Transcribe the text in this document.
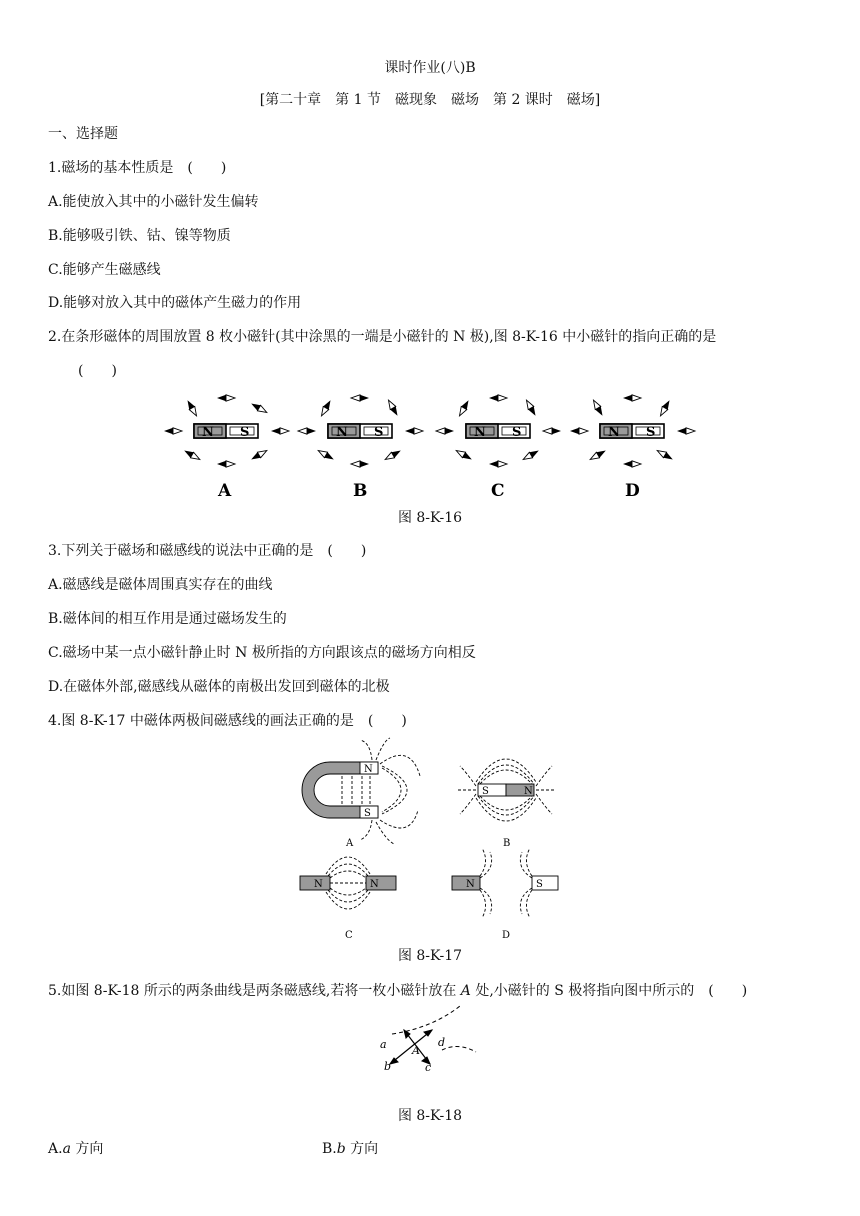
课时作业(八)B
[第二十章　第 1 节　磁现象　磁场　第 2 课时　磁场]
一、选择题
1.磁场的基本性质是　(　　)
A.能使放入其中的小磁针发生偏转
B.能够吸引铁、钴、镍等物质
C.能够产生磁感线
D.能够对放入其中的磁体产生磁力的作用
2.在条形磁体的周围放置 8 枚小磁针(其中涂黑的一端是小磁针的 N 极),图 8-K-16 中小磁针的指向正确的是
(　　)
N S	N S	N S	N S
A	B	C	D
图 8-K-16
3.下列关于磁场和磁感线的说法中正确的是　(　　)
A.磁感线是磁体周围真实存在的曲线
B.磁体间的相互作用是通过磁场发生的
C.磁场中某一点小磁针静止时 N 极所指的方向跟该点的磁场方向相反
D.在磁体外部,磁感线从磁体的南极出发回到磁体的北极
4.图 8-K-17 中磁体两极间磁感线的画法正确的是　(　　)
N
S
A
S	N
B
N	N
C
N	S
D
图 8-K-17
5.如图 8-K-18 所示的两条曲线是两条磁感线,若将一枚小磁针放在 A 处,小磁针的 S 极将指向图中所示的　(　　)
a
b	c
d
A
图 8-K-18
A.a 方向	B.b 方向
